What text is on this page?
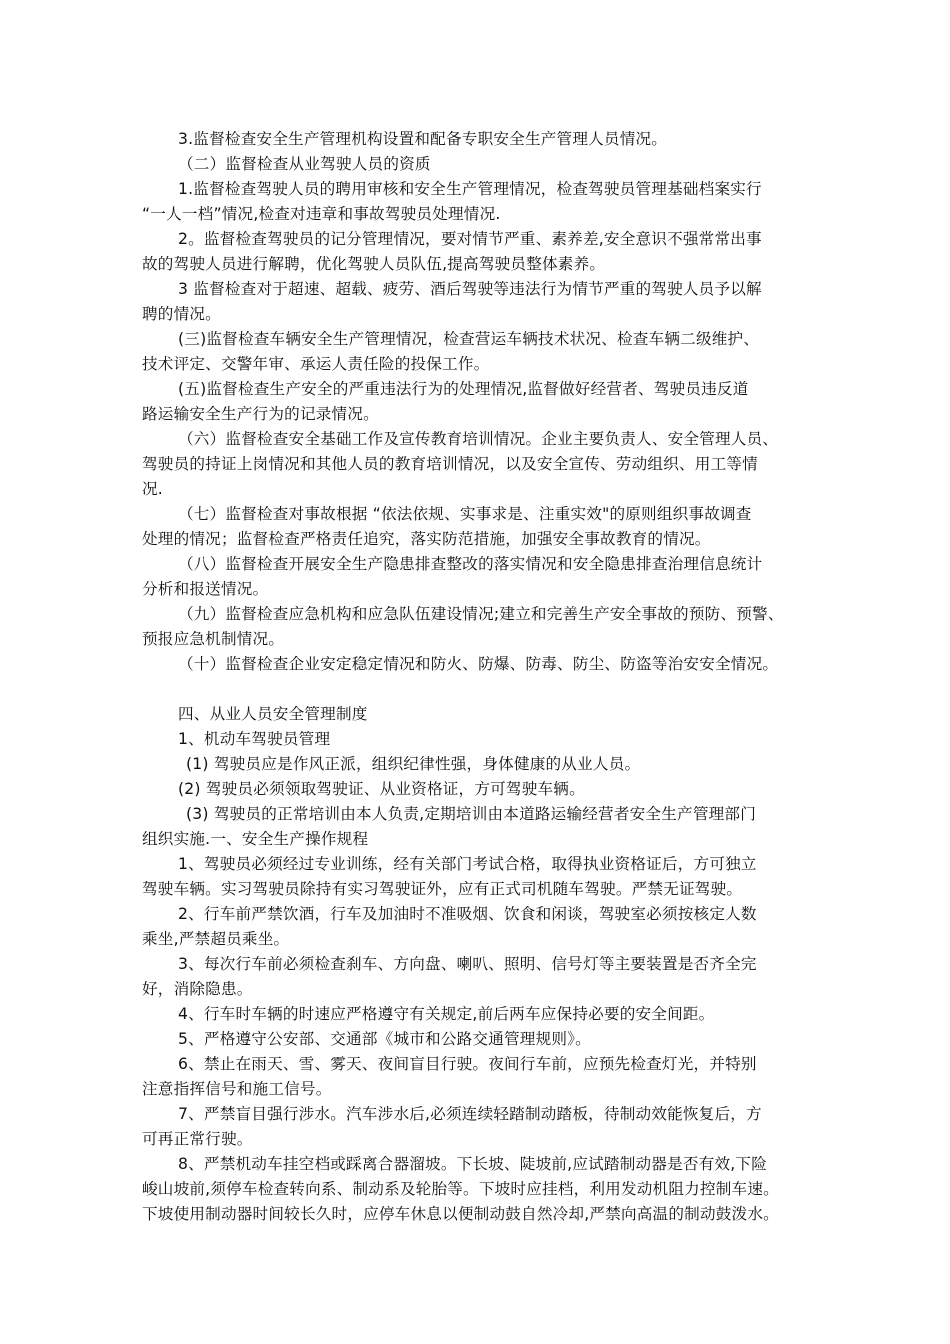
3.监督检查安全生产管理机构设置和配备专职安全生产管理人员情况。
（二）监督检查从业驾驶人员的资质
1.监督检查驾驶人员的聘用审核和安全生产管理情况，检查驾驶员管理基础档案实行
“一人一档”情况,检查对违章和事故驾驶员处理情况.
2。监督检查驾驶员的记分管理情况，要对情节严重、素养差,安全意识不强常常出事
故的驾驶人员进行解聘，优化驾驶人员队伍,提高驾驶员整体素养。
3 监督检查对于超速、超载、疲劳、酒后驾驶等违法行为情节严重的驾驶人员予以解
聘的情况。
(三)监督检查车辆安全生产管理情况，检查营运车辆技术状况、检查车辆二级维护、
技术评定、交警年审、承运人责任险的投保工作。
(五)监督检查生产安全的严重违法行为的处理情况,监督做好经营者、驾驶员违反道
路运输安全生产行为的记录情况。
（六）监督检查安全基础工作及宣传教育培训情况。企业主要负责人、安全管理人员、
驾驶员的持证上岗情况和其他人员的教育培训情况，以及安全宣传、劳动组织、用工等情
况.
（七）监督检查对事故根据 “依法依规、实事求是、注重实效"的原则组织事故调查
处理的情况；监督检查严格责任追究，落实防范措施，加强安全事故教育的情况。
（八）监督检查开展安全生产隐患排查整改的落实情况和安全隐患排查治理信息统计
分析和报送情况。
（九）监督检查应急机构和应急队伍建设情况;建立和完善生产安全事故的预防、预警、
预报应急机制情况。
（十）监督检查企业安定稳定情况和防火、防爆、防毒、防尘、防盗等治安安全情况。
四、从业人员安全管理制度
1、机动车驾驶员管理
(1) 驾驶员应是作风正派，组织纪律性强，身体健康的从业人员。
(2) 驾驶员必须领取驾驶证、从业资格证，方可驾驶车辆。
(3) 驾驶员的正常培训由本人负责,定期培训由本道路运输经营者安全生产管理部门
组织实施.一、安全生产操作规程
1、驾驶员必须经过专业训练，经有关部门考试合格，取得执业资格证后，方可独立
驾驶车辆。实习驾驶员除持有实习驾驶证外，应有正式司机随车驾驶。严禁无证驾驶。
2、行车前严禁饮酒，行车及加油时不准吸烟、饮食和闲谈，驾驶室必须按核定人数
乘坐,严禁超员乘坐。
3、每次行车前必须检查刹车、方向盘、喇叭、照明、信号灯等主要装置是否齐全完
好，消除隐患。
4、行车时车辆的时速应严格遵守有关规定,前后两车应保持必要的安全间距。
5、严格遵守公安部、交通部《城市和公路交通管理规则》。
6、禁止在雨天、雪、雾天、夜间盲目行驶。夜间行车前，应预先检查灯光，并特别
注意指挥信号和施工信号。
7、严禁盲目强行涉水。汽车涉水后,必须连续轻踏制动踏板，待制动效能恢复后，方
可再正常行驶。
8、严禁机动车挂空档或踩离合器溜坡。下长坡、陡坡前,应试踏制动器是否有效,下险
峻山坡前,须停车检查转向系、制动系及轮胎等。下坡时应挂档，利用发动机阻力控制车速。
下坡使用制动器时间较长久时，应停车休息以便制动鼓自然冷却,严禁向高温的制动鼓泼水。
